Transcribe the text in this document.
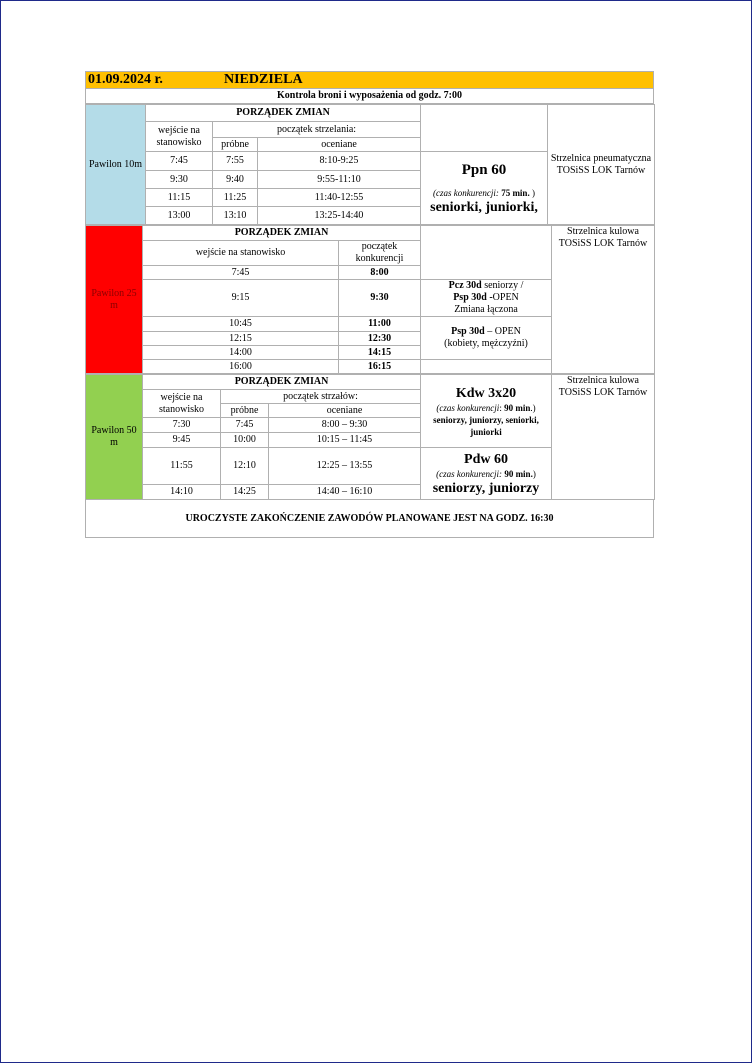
01.09.2024 r.	NIEDZIELA
Kontrola broni i wyposażenia od godz. 7:00
Pawilon 10m	PORZĄDEK ZMIAN				Strzelnica pneumatyczna TOSiSS LOK Tarnów
	wejście na stanowisko	początek strzelania:			
		próbne	oceniane		
	7:45	7:55	8:10-9:25	Ppn 60
(czas konkurencji: 75 min. )
seniorki, juniorki,	

	9:30	9:40	9:55-11:10		
	11:15	11:25	11:40-12:55		
	13:00	13:10	13:25-14:40		
Pawilon 25 m	PORZĄDEK ZMIAN			Strzelnica kulowa TOSiSS LOK Tarnów
	wejście na stanowisko	początek konkurencji		
	7:45	8:00		
	9:15	9:30	Pcz 30d seniorzy /
Psp 30d -OPEN
Zmiana łączona	

	10:45	11:00	Psp 30d – OPEN
(kobiety, mężczyźni)	

	12:15	12:30		
	14:00	14:15		
	16:00	16:15		
Pawilon 50 m	PORZĄDEK ZMIAN			Kdw 3x20
(czas konkurencji: 90 min.)
seniorzy, juniorzy, seniorki, juniorki	Strzelnica kulowa TOSiSS LOK Tarnów
	wejście na stanowisko	początek strzałów:			
		próbne	oceniane		
	7:30	7:45	8:00 – 9:30		
	9:45	10:00	10:15 – 11:45		
	11:55	12:10	12:25 – 13:55	Pdw 60
(czas konkurencji: 90 min.)
seniorzy, juniorzy	

	14:10	14:25	14:40 – 16:10		
UROCZYSTE ZAKOŃCZENIE ZAWODÓW PLANOWANE JEST NA GODZ. 16:30
